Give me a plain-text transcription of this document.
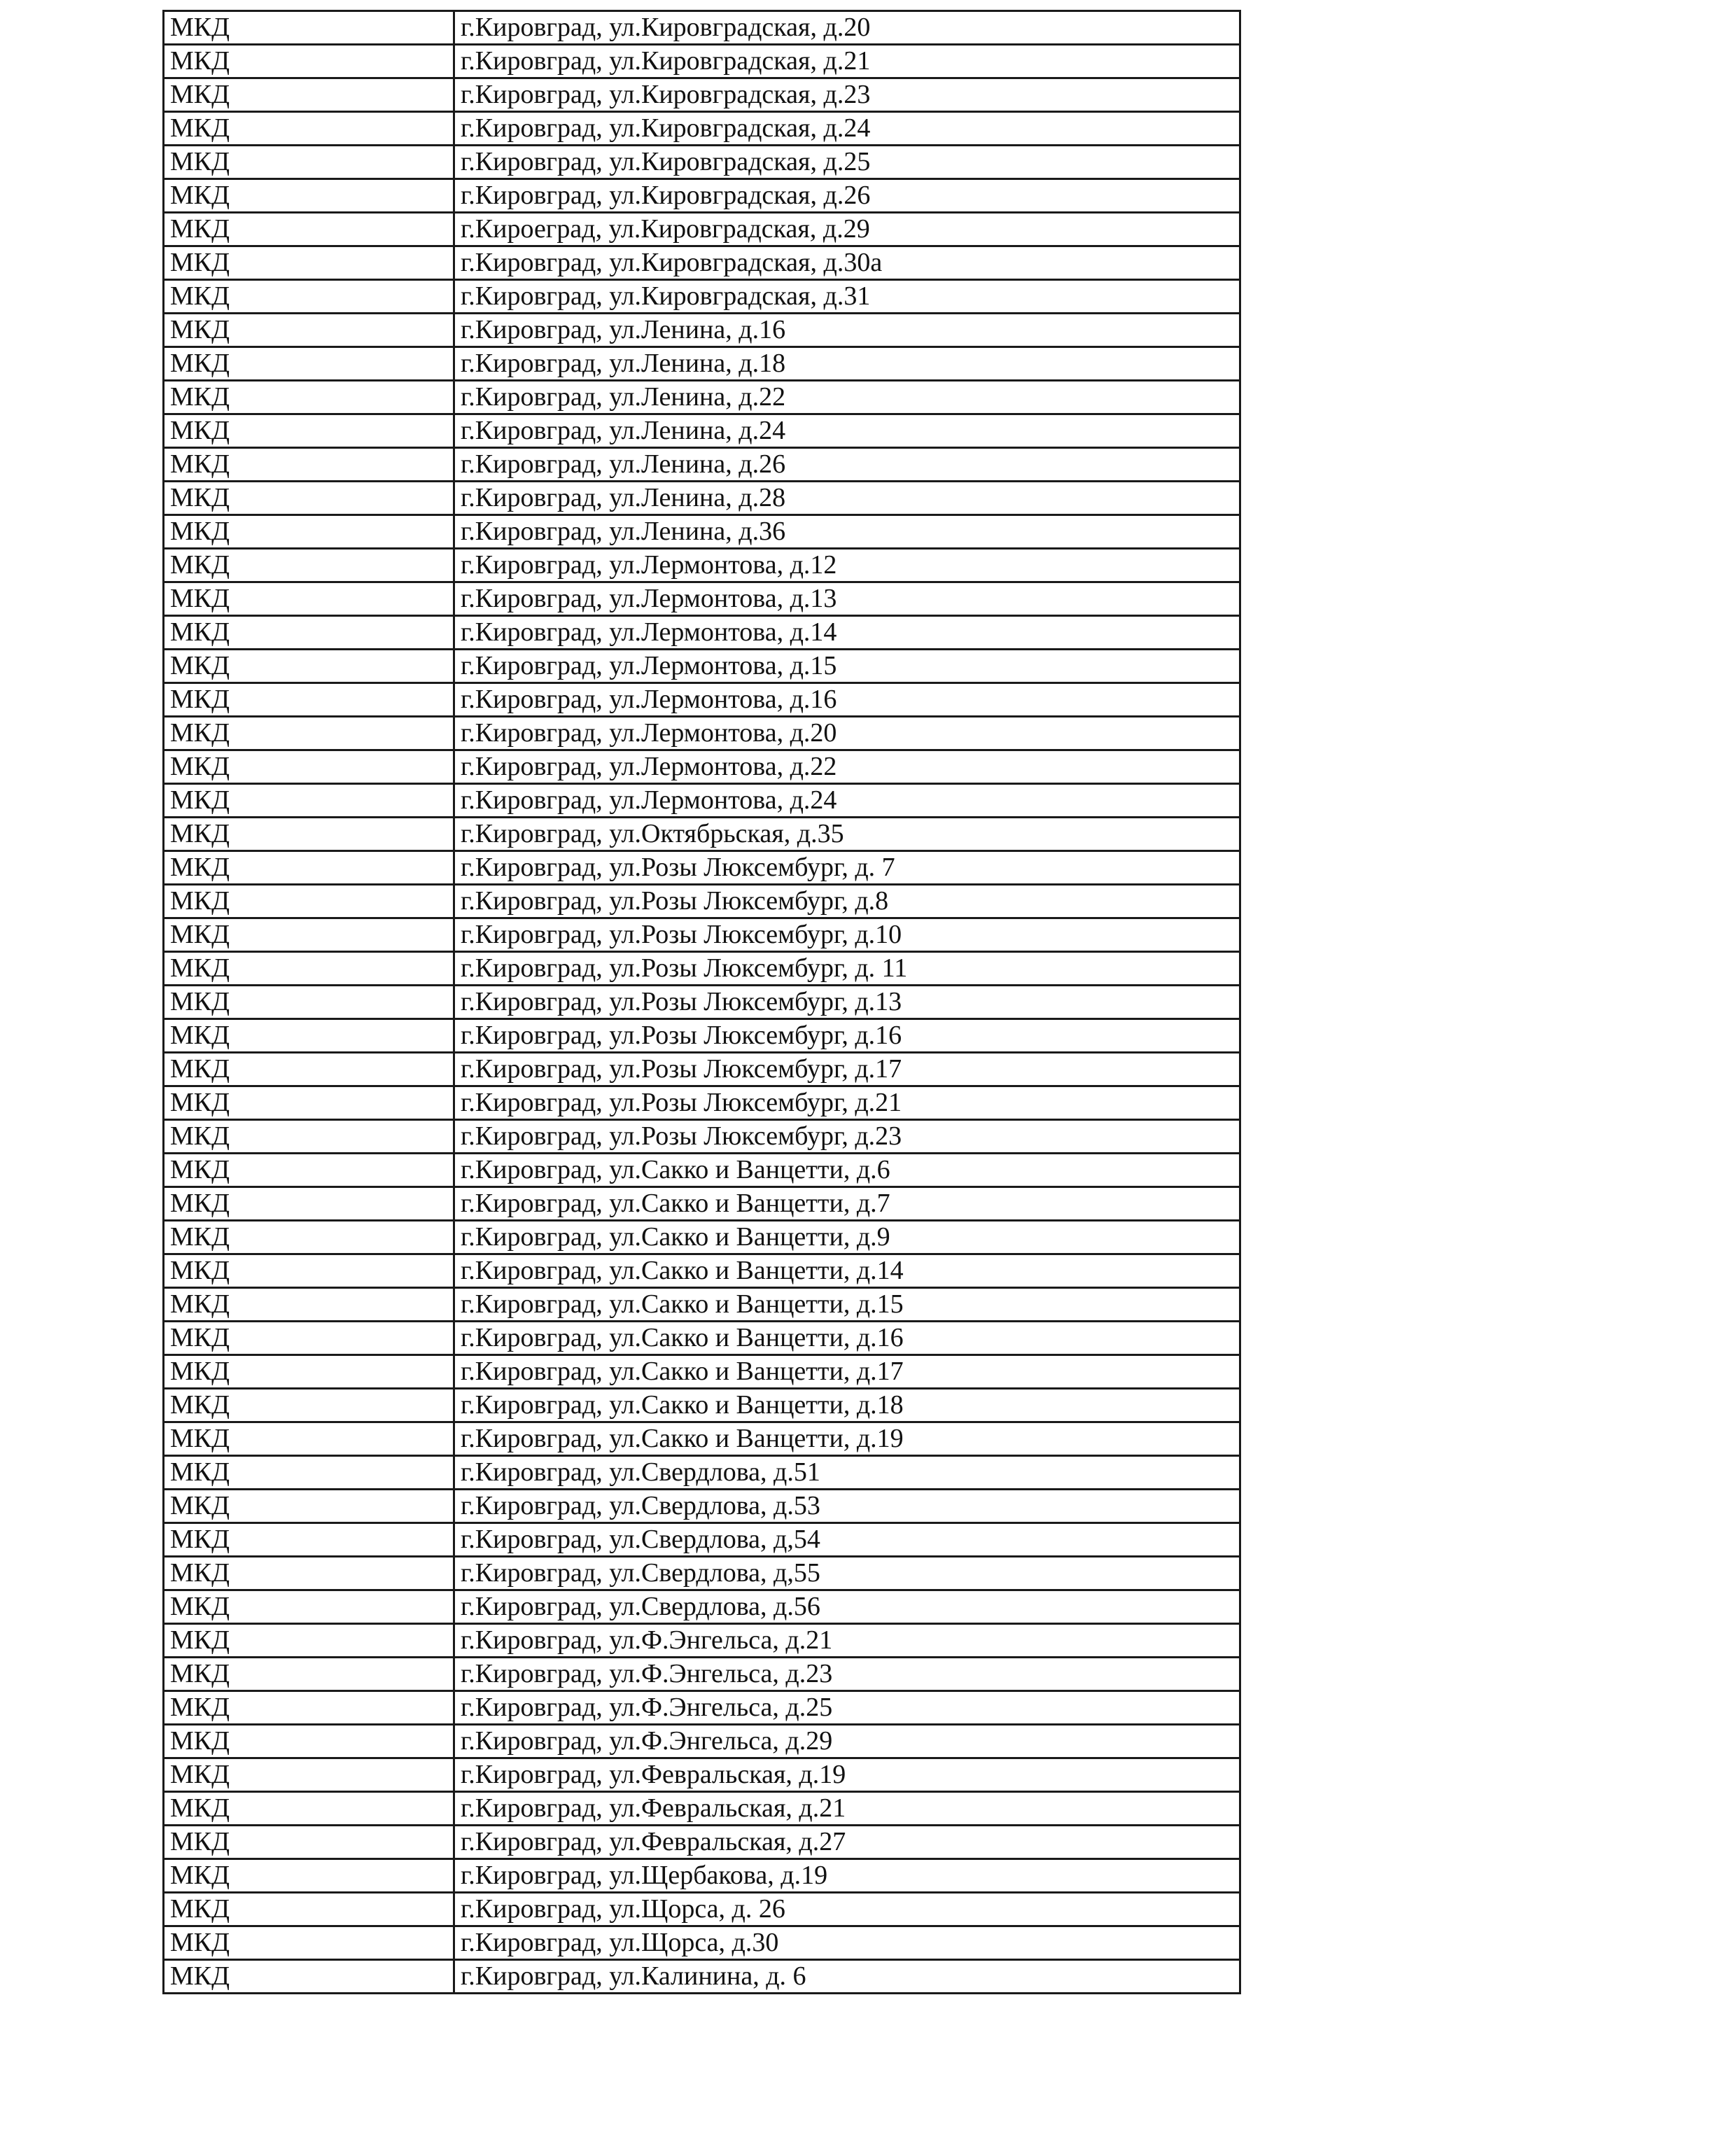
МКД	г.Кировград, ул.Кировградская, д.20
МКД	г.Кировград, ул.Кировградская, д.21
МКД	г.Кировград, ул.Кировградская, д.23
МКД	г.Кировград, ул.Кировградская, д.24
МКД	г.Кировград, ул.Кировградская, д.25
МКД	г.Кировград, ул.Кировградская, д.26
МКД	г.Кироеград, ул.Кировградская, д.29
МКД	г.Кировград, ул.Кировградская, д.30а
МКД	г.Кировград, ул.Кировградская, д.31
МКД	г.Кировград, ул.Ленина, д.16
МКД	г.Кировград, ул.Ленина, д.18
МКД	г.Кировград, ул.Ленина, д.22
МКД	г.Кировград, ул.Ленина, д.24
МКД	г.Кировград, ул.Ленина, д.26
МКД	г.Кировград, ул.Ленина, д.28
МКД	г.Кировград, ул.Ленина, д.36
МКД	г.Кировград, ул.Лермонтова, д.12
МКД	г.Кировград, ул.Лермонтова, д.13
МКД	г.Кировград, ул.Лермонтова, д.14
МКД	г.Кировград, ул.Лермонтова, д.15
МКД	г.Кировград, ул.Лермонтова, д.16
МКД	г.Кировград, ул.Лермонтова, д.20
МКД	г.Кировград, ул.Лермонтова, д.22
МКД	г.Кировград, ул.Лермонтова, д.24
МКД	г.Кировград, ул.Октябрьская, д.35
МКД	г.Кировград, ул.Розы Люксембург, д. 7
МКД	г.Кировград, ул.Розы Люксембург, д.8
МКД	г.Кировград, ул.Розы Люксембург, д.10
МКД	г.Кировград, ул.Розы Люксембург, д. 11
МКД	г.Кировград, ул.Розы Люксембург, д.13
МКД	г.Кировград, ул.Розы Люксембург, д.16
МКД	г.Кировград, ул.Розы Люксембург, д.17
МКД	г.Кировград, ул.Розы Люксембург, д.21
МКД	г.Кировград, ул.Розы Люксембург, д.23
МКД	г.Кировград, ул.Сакко и Ванцетти, д.6
МКД	г.Кировград, ул.Сакко и Ванцетти, д.7
МКД	г.Кировград, ул.Сакко и Ванцетти, д.9
МКД	г.Кировград, ул.Сакко и Ванцетти, д.14
МКД	г.Кировград, ул.Сакко и Ванцетти, д.15
МКД	г.Кировград, ул.Сакко и Ванцетти, д.16
МКД	г.Кировград, ул.Сакко и Ванцетти, д.17
МКД	г.Кировград, ул.Сакко и Ванцетти, д.18
МКД	г.Кировград, ул.Сакко и Ванцетти, д.19
МКД	г.Кировград, ул.Свердлова, д.51
МКД	г.Кировград, ул.Свердлова, д.53
МКД	г.Кировград, ул.Свердлова, д,54
МКД	г.Кировград, ул.Свердлова, д,55
МКД	г.Кировград, ул.Свердлова, д.56
МКД	г.Кировград, ул.Ф.Энгельса, д.21
МКД	г.Кировград, ул.Ф.Энгельса, д.23
МКД	г.Кировград, ул.Ф.Энгельса, д.25
МКД	г.Кировград, ул.Ф.Энгельса, д.29
МКД	г.Кировград, ул.Февральская, д.19
МКД	г.Кировград, ул.Февральская, д.21
МКД	г.Кировград, ул.Февральская, д.27
МКД	г.Кировград, ул.Щербакова, д.19
МКД	г.Кировград, ул.Щорса, д. 26
МКД	г.Кировград, ул.Щорса, д.30
МКД	г.Кировград, ул.Калинина, д. 6
